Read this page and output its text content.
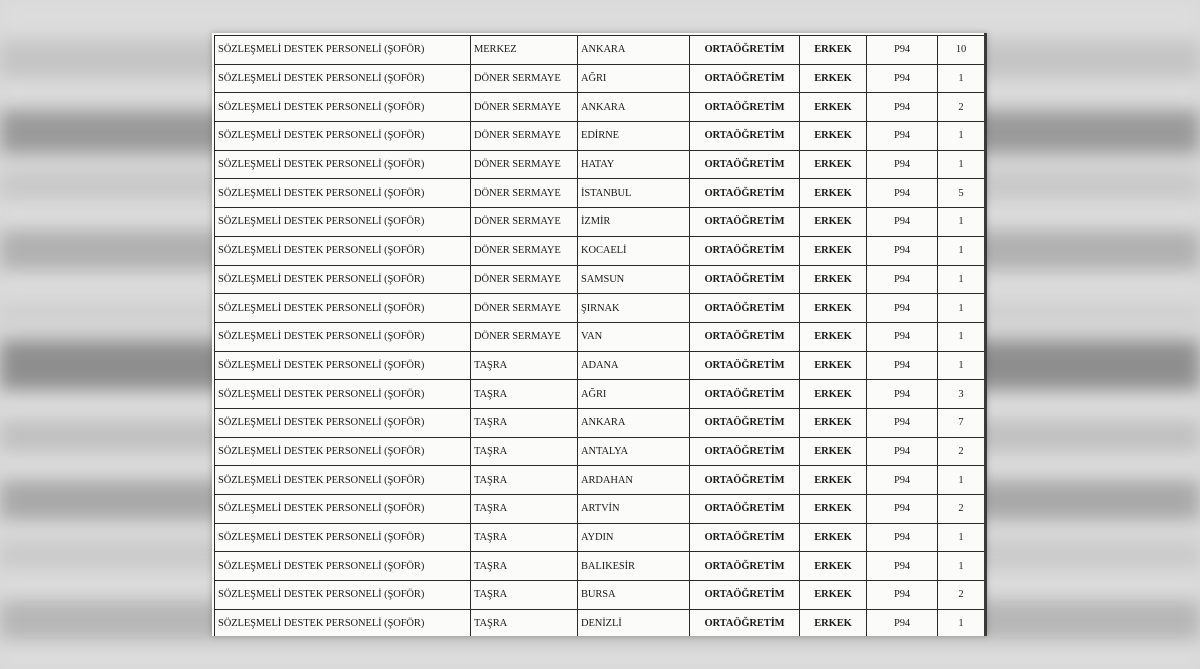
SÖZLEŞMELİ DESTEK PERSONELİ (ŞOFÖR)	MERKEZ	ANKARA	ORTAÖĞRETİM	ERKEK	P94	10
SÖZLEŞMELİ DESTEK PERSONELİ (ŞOFÖR)	DÖNER SERMAYE	AĞRI	ORTAÖĞRETİM	ERKEK	P94	1
SÖZLEŞMELİ DESTEK PERSONELİ (ŞOFÖR)	DÖNER SERMAYE	ANKARA	ORTAÖĞRETİM	ERKEK	P94	2
SÖZLEŞMELİ DESTEK PERSONELİ (ŞOFÖR)	DÖNER SERMAYE	EDİRNE	ORTAÖĞRETİM	ERKEK	P94	1
SÖZLEŞMELİ DESTEK PERSONELİ (ŞOFÖR)	DÖNER SERMAYE	HATAY	ORTAÖĞRETİM	ERKEK	P94	1
SÖZLEŞMELİ DESTEK PERSONELİ (ŞOFÖR)	DÖNER SERMAYE	İSTANBUL	ORTAÖĞRETİM	ERKEK	P94	5
SÖZLEŞMELİ DESTEK PERSONELİ (ŞOFÖR)	DÖNER SERMAYE	İZMİR	ORTAÖĞRETİM	ERKEK	P94	1
SÖZLEŞMELİ DESTEK PERSONELİ (ŞOFÖR)	DÖNER SERMAYE	KOCAELİ	ORTAÖĞRETİM	ERKEK	P94	1
SÖZLEŞMELİ DESTEK PERSONELİ (ŞOFÖR)	DÖNER SERMAYE	SAMSUN	ORTAÖĞRETİM	ERKEK	P94	1
SÖZLEŞMELİ DESTEK PERSONELİ (ŞOFÖR)	DÖNER SERMAYE	ŞIRNAK	ORTAÖĞRETİM	ERKEK	P94	1
SÖZLEŞMELİ DESTEK PERSONELİ (ŞOFÖR)	DÖNER SERMAYE	VAN	ORTAÖĞRETİM	ERKEK	P94	1
SÖZLEŞMELİ DESTEK PERSONELİ (ŞOFÖR)	TAŞRA	ADANA	ORTAÖĞRETİM	ERKEK	P94	1
SÖZLEŞMELİ DESTEK PERSONELİ (ŞOFÖR)	TAŞRA	AĞRI	ORTAÖĞRETİM	ERKEK	P94	3
SÖZLEŞMELİ DESTEK PERSONELİ (ŞOFÖR)	TAŞRA	ANKARA	ORTAÖĞRETİM	ERKEK	P94	7
SÖZLEŞMELİ DESTEK PERSONELİ (ŞOFÖR)	TAŞRA	ANTALYA	ORTAÖĞRETİM	ERKEK	P94	2
SÖZLEŞMELİ DESTEK PERSONELİ (ŞOFÖR)	TAŞRA	ARDAHAN	ORTAÖĞRETİM	ERKEK	P94	1
SÖZLEŞMELİ DESTEK PERSONELİ (ŞOFÖR)	TAŞRA	ARTVİN	ORTAÖĞRETİM	ERKEK	P94	2
SÖZLEŞMELİ DESTEK PERSONELİ (ŞOFÖR)	TAŞRA	AYDIN	ORTAÖĞRETİM	ERKEK	P94	1
SÖZLEŞMELİ DESTEK PERSONELİ (ŞOFÖR)	TAŞRA	BALIKESİR	ORTAÖĞRETİM	ERKEK	P94	1
SÖZLEŞMELİ DESTEK PERSONELİ (ŞOFÖR)	TAŞRA	BURSA	ORTAÖĞRETİM	ERKEK	P94	2
SÖZLEŞMELİ DESTEK PERSONELİ (ŞOFÖR)	TAŞRA	DENİZLİ	ORTAÖĞRETİM	ERKEK	P94	1
